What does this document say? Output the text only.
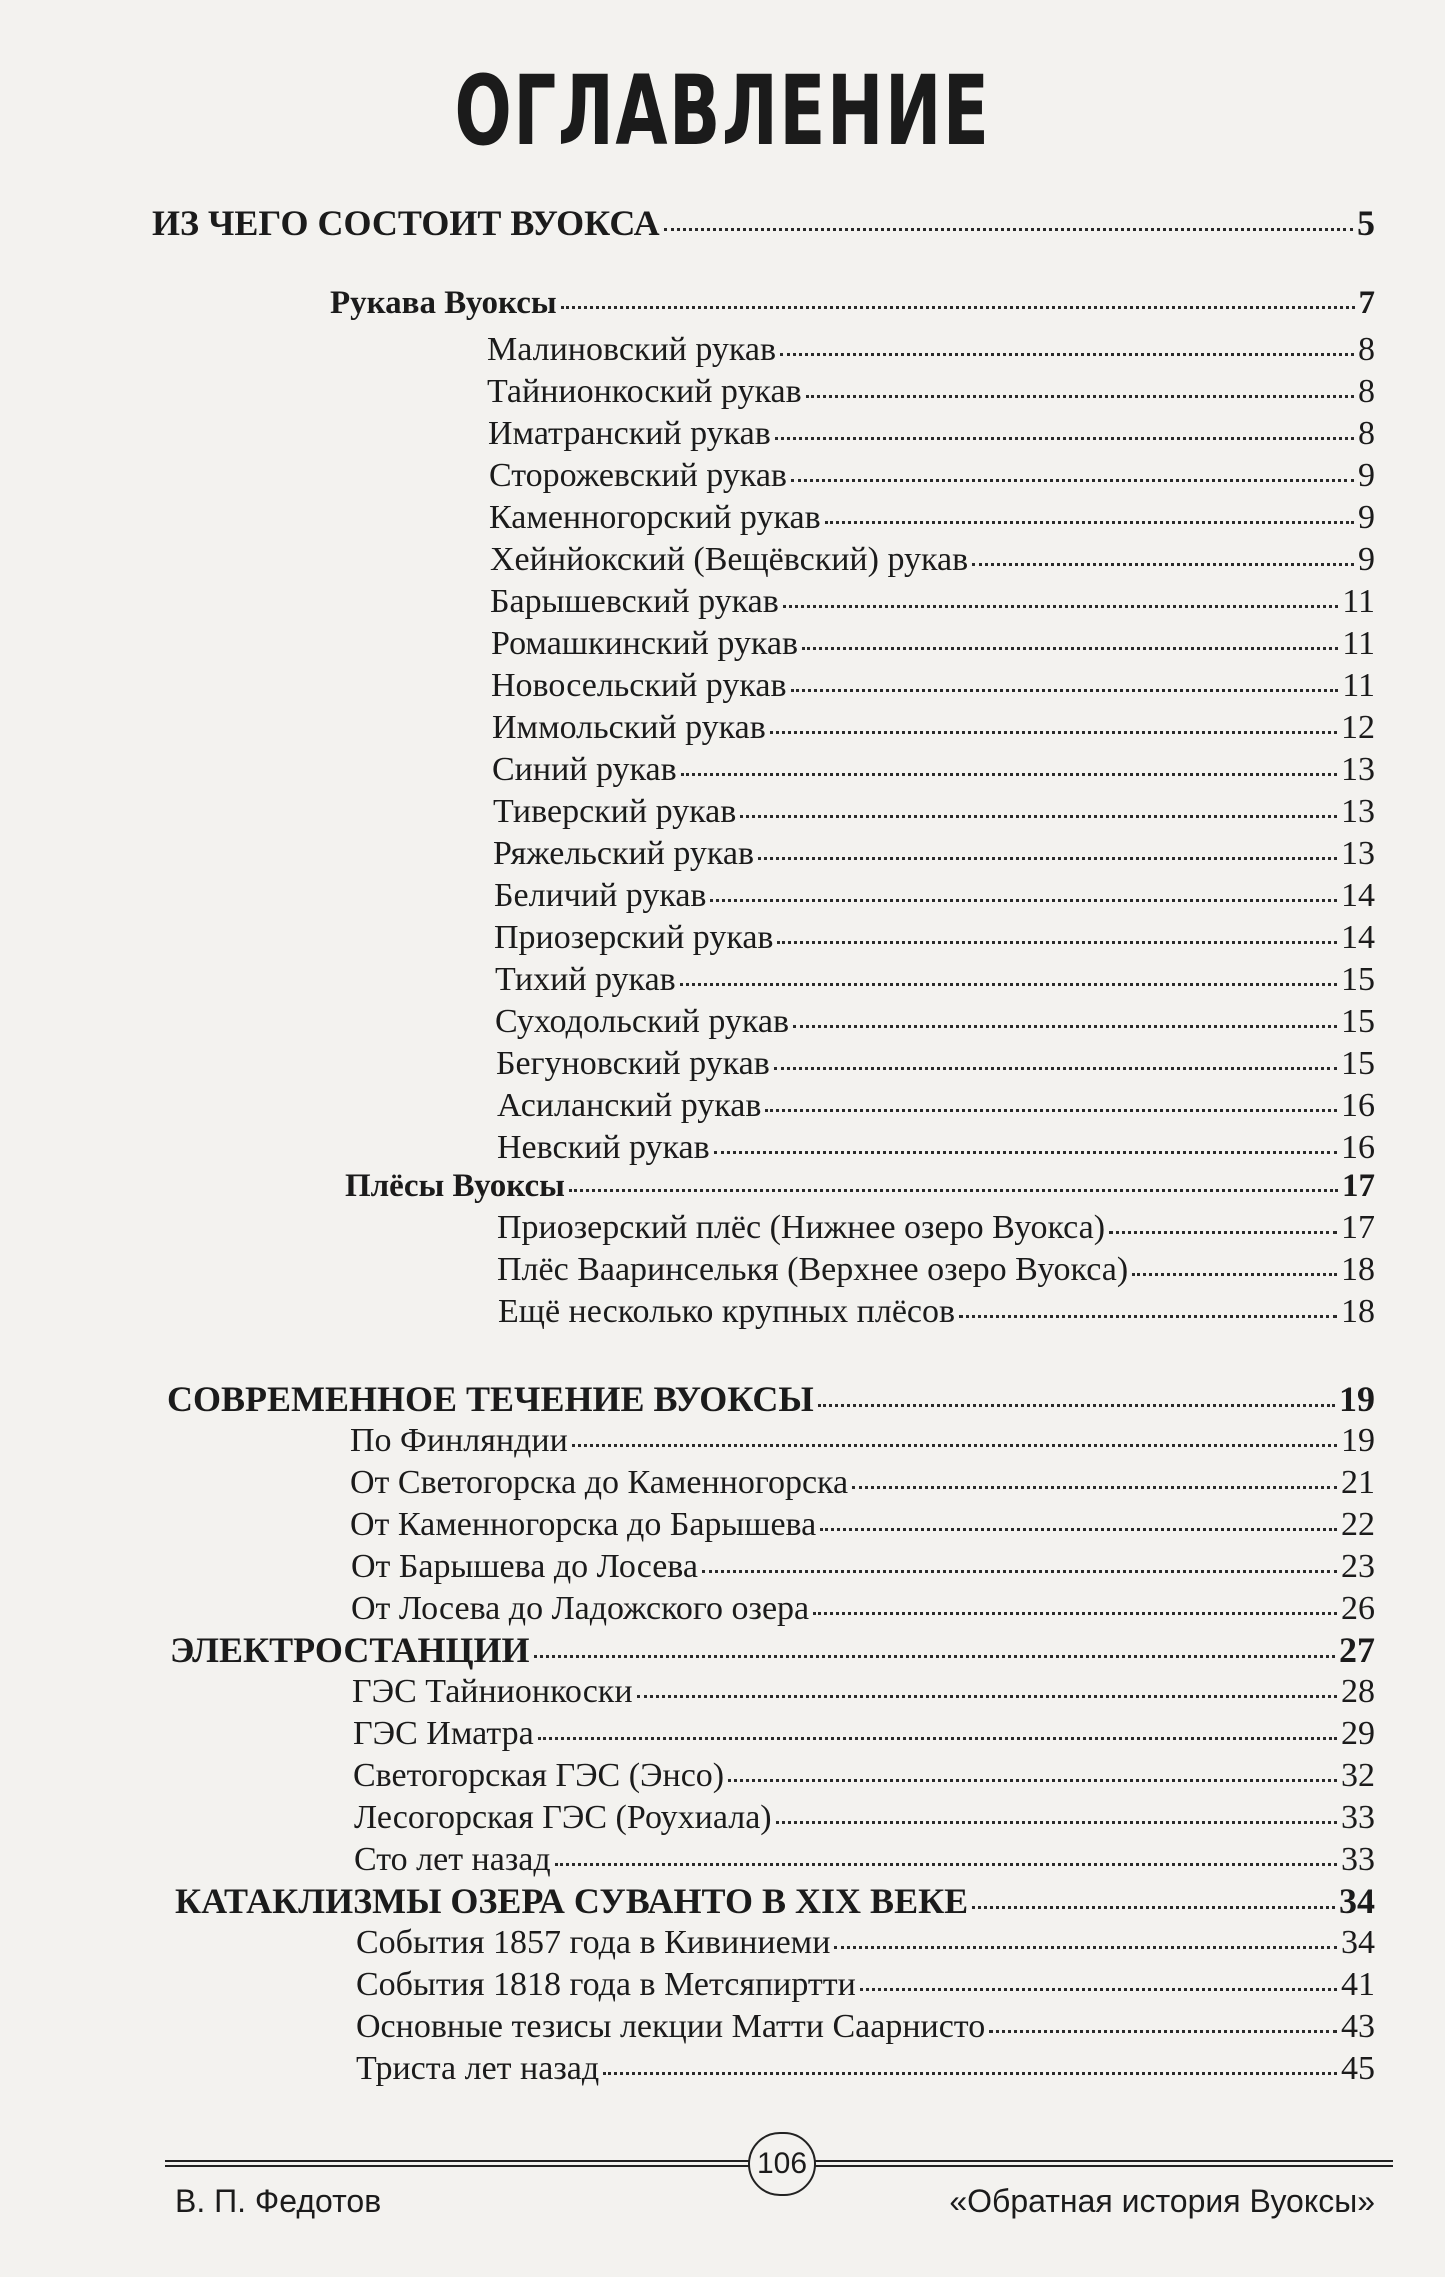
ОГЛАВЛЕНИЕ
ИЗ ЧЕГО СОСТОИТ ВУОКСА	5
Рукава Вуоксы	7
Малиновский рукав	8
Тайнионкоский рукав	8
Иматранский рукав	8
Сторожевский рукав	9
Каменногорский рукав	9
Хейнйокский (Вещёвский) рукав	9
Барышевский рукав	11
Ромашкинский рукав	11
Новосельский рукав	11
Иммольский рукав	12
Синий рукав	13
Тиверский рукав	13
Ряжельский рукав	13
Беличий рукав	14
Приозерский рукав	14
Тихий рукав	15
Суходольский рукав	15
Бегуновский рукав	15
Асиланский рукав	16
Невский рукав	16
Плёсы Вуоксы	17
Приозерский плёс (Нижнее озеро Вуокса)	17
Плёс Вааринселькя (Верхнее озеро Вуокса)	18
Ещё несколько крупных плёсов	18
СОВРЕМЕННОЕ ТЕЧЕНИЕ ВУОКСЫ	19
По Финляндии	19
От Светогорска до Каменногорска	21
От Каменногорска до Барышева	22
От Барышева до Лосева	23
От Лосева до Ладожского озера	26
ЭЛЕКТРОСТАНЦИИ	27
ГЭС Тайнионкоски	28
ГЭС Иматра	29
Светогорская ГЭС (Энсо)	32
Лесогорская ГЭС (Роухиала)	33
Сто лет назад	33
КАТАКЛИЗМЫ ОЗЕРА СУВАНТО В XIX ВЕКЕ	34
События 1857 года в Кивиниеми	34
События 1818 года в Метсяпиртти	41
Основные тезисы лекции Матти Саарнисто	43
Триста лет назад	45
106
В. П. Федотов	«Обратная история Вуоксы»
